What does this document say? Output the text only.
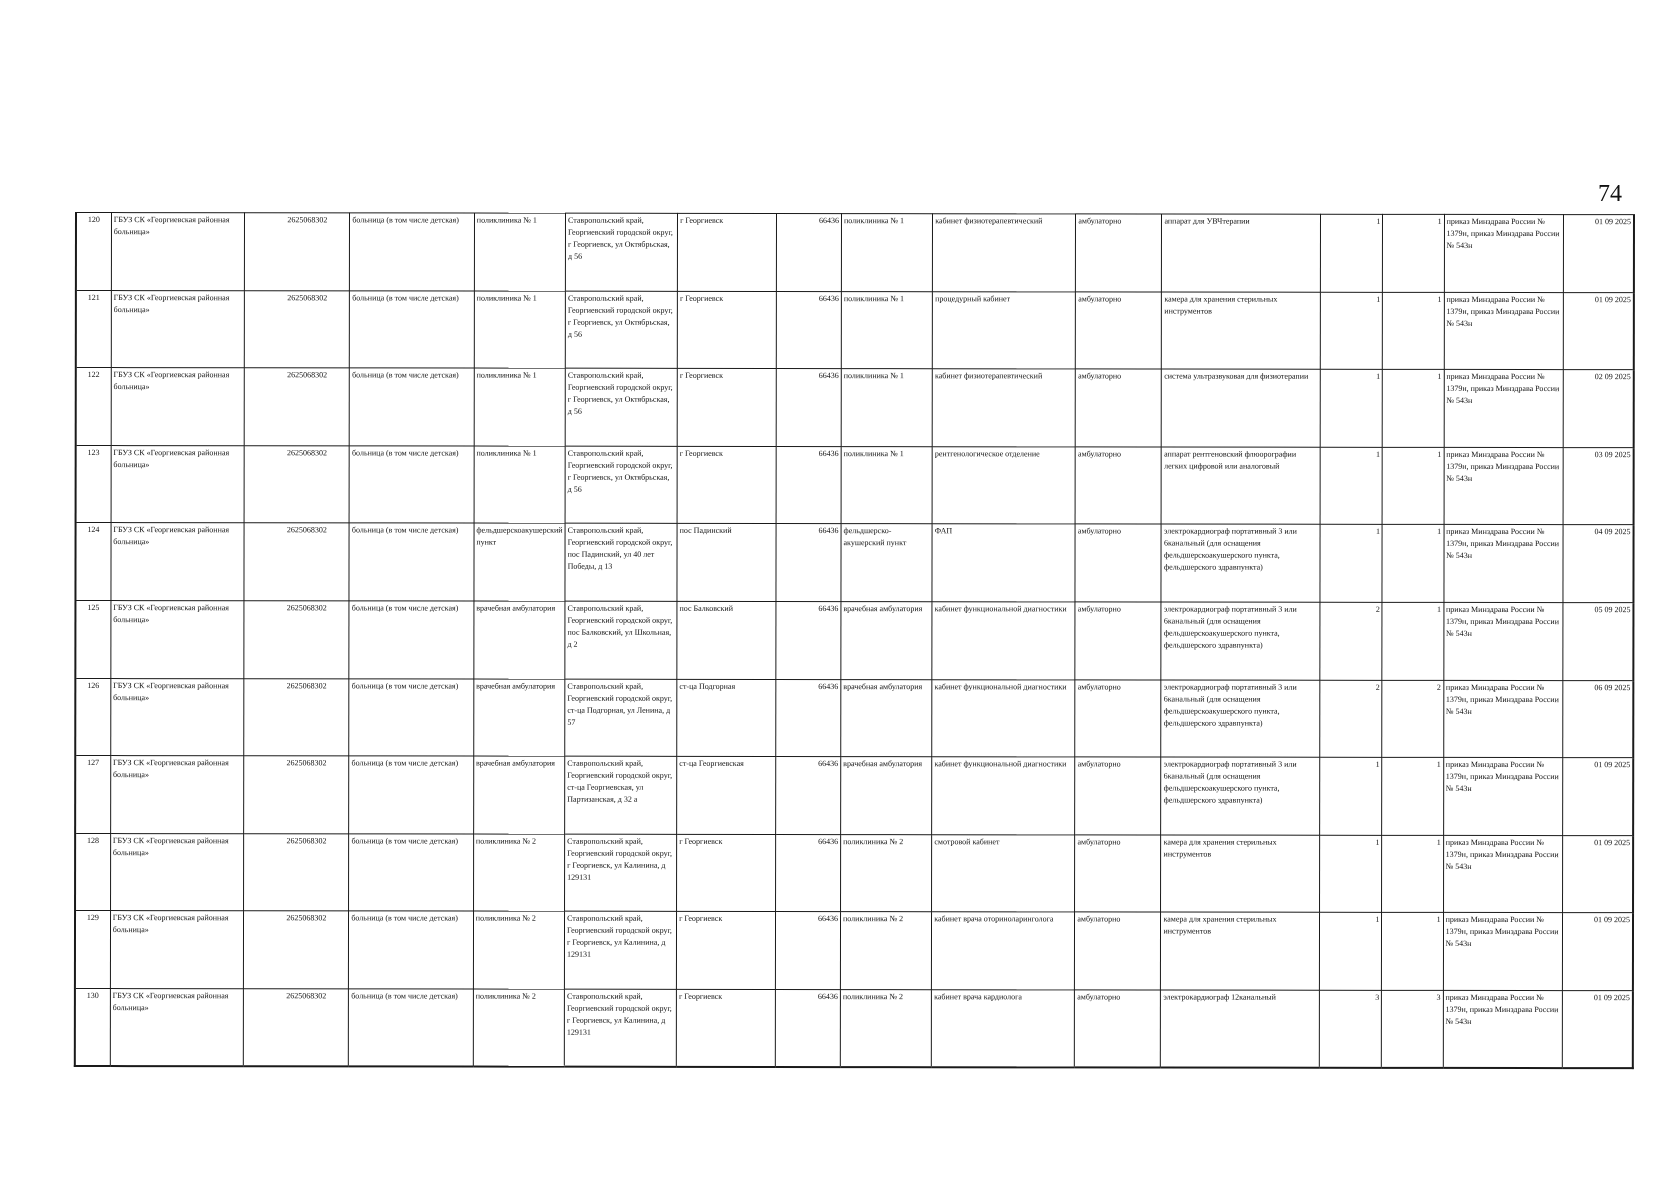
74
120	ГБУЗ СК «Георгиевская районная больница»	2625068302	больница (в том числе детская)	поликлиника № 1	Ставропольский край, Георгиевский городской округ, г Георгиевск, ул Октябрьская, д 56	г Георгиевск	66436	поликлиника № 1	кабинет физиотерапевтический	амбулаторно	аппарат для УВЧтерапии	1	1	приказ Минздрава России № 1379н, приказ Минздрава России № 543н	01 09 2025
121	ГБУЗ СК «Георгиевская районная больница»	2625068302	больница (в том числе детская)	поликлиника № 1	Ставропольский край, Георгиевский городской округ, г Георгиевск, ул Октябрьская, д 56	г Георгиевск	66436	поликлиника № 1	процедурный кабинет	амбулаторно	камера для хранения стерильных инструментов	1	1	приказ Минздрава России № 1379н, приказ Минздрава России № 543н	01 09 2025
122	ГБУЗ СК «Георгиевская районная больница»	2625068302	больница (в том числе детская)	поликлиника № 1	Ставропольский край, Георгиевский городской округ, г Георгиевск, ул Октябрьская, д 56	г Георгиевск	66436	поликлиника № 1	кабинет физиотерапевтический	амбулаторно	система ультразвуковая для физиотерапии	1	1	приказ Минздрава России № 1379н, приказ Минздрава России № 543н	02 09 2025
123	ГБУЗ СК «Георгиевская районная больница»	2625068302	больница (в том числе детская)	поликлиника № 1	Ставропольский край, Георгиевский городской округ, г Георгиевск, ул Октябрьская, д 56	г Георгиевск	66436	поликлиника № 1	рентгенологическое отделение	амбулаторно	аппарат рентгеновский флюорографии легких цифровой или аналоговый	1	1	приказ Минздрава России № 1379н, приказ Минздрава России № 543н	03 09 2025
124	ГБУЗ СК «Георгиевская районная больница»	2625068302	больница (в том числе детская)	фельдшерскоакушерский пункт	Ставропольский край, Георгиевский городской округ, пос Падинский, ул 40 лет Победы, д 13	пос Падинский	66436	фельдшерско-акушерский пункт	ФАП	амбулаторно	электрокардиограф портативный 3 или 6канальный (для оснащения фельдшерскоакушерского пункта, фельдшерского здравпункта)	1	1	приказ Минздрава России № 1379н, приказ Минздрава России № 543н	04 09 2025
125	ГБУЗ СК «Георгиевская районная больница»	2625068302	больница (в том числе детская)	врачебная амбулатория	Ставропольский край, Георгиевский городской округ, пос Балковский, ул Школьная, д 2	пос Балковский	66436	врачебная амбулатория	кабинет функциональной диагностики	амбулаторно	электрокардиограф портативный 3 или 6канальный (для оснащения фельдшерскоакушерского пункта, фельдшерского здравпункта)	2	1	приказ Минздрава России № 1379н, приказ Минздрава России № 543н	05 09 2025
126	ГБУЗ СК «Георгиевская районная больница»	2625068302	больница (в том числе детская)	врачебная амбулатория	Ставропольский край, Георгиевский городской округ, ст-ца Подгорная, ул Ленина, д 57	ст-ца Подгорная	66436	врачебная амбулатория	кабинет функциональной диагностики	амбулаторно	электрокардиограф портативный 3 или 6канальный (для оснащения фельдшерскоакушерского пункта, фельдшерского здравпункта)	2	2	приказ Минздрава России № 1379н, приказ Минздрава России № 543н	06 09 2025
127	ГБУЗ СК «Георгиевская районная больница»	2625068302	больница (в том числе детская)	врачебная амбулатория	Ставропольский край, Георгиевский городской округ, ст-ца Георгиевская, ул Партизанская, д 32 а	ст-ца Георгиевская	66436	врачебная амбулатория	кабинет функциональной диагностики	амбулаторно	электрокардиограф портативный 3 или 6канальный (для оснащения фельдшерскоакушерского пункта, фельдшерского здравпункта)	1	1	приказ Минздрава России № 1379н, приказ Минздрава России № 543н	01 09 2025
128	ГБУЗ СК «Георгиевская районная больница»	2625068302	больница (в том числе детская)	поликлиника № 2	Ставропольский край, Георгиевский городской округ, г Георгиевск, ул Калинина, д 129131	г Георгиевск	66436	поликлиника № 2	смотровой кабинет	амбулаторно	камера для хранения стерильных инструментов	1	1	приказ Минздрава России № 1379н, приказ Минздрава России № 543н	01 09 2025
129	ГБУЗ СК «Георгиевская районная больница»	2625068302	больница (в том числе детская)	поликлиника № 2	Ставропольский край, Георгиевский городской округ, г Георгиевск, ул Калинина, д 129131	г Георгиевск	66436	поликлиника № 2	кабинет врача оториноларинголога	амбулаторно	камера для хранения стерильных инструментов	1	1	приказ Минздрава России № 1379н, приказ Минздрава России № 543н	01 09 2025
130	ГБУЗ СК «Георгиевская районная больница»	2625068302	больница (в том числе детская)	поликлиника № 2	Ставропольский край, Георгиевский городской округ, г Георгиевск, ул Калинина, д 129131	г Георгиевск	66436	поликлиника № 2	кабинет врача кардиолога	амбулаторно	электрокардиограф 12канальный	3	3	приказ Минздрава России № 1379н, приказ Минздрава России № 543н	01 09 2025
